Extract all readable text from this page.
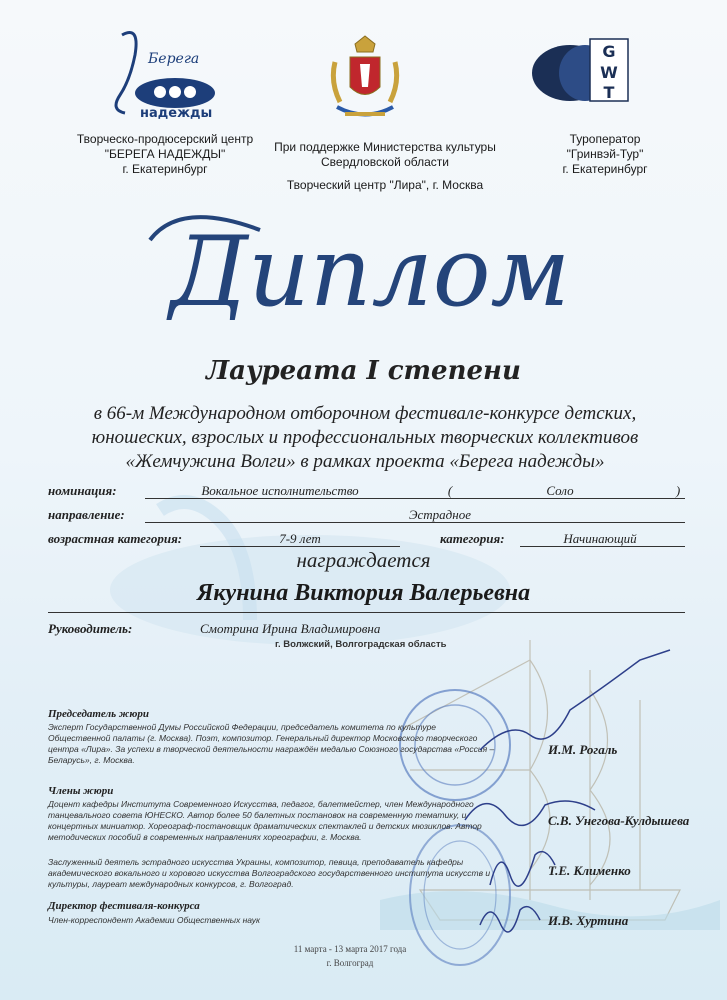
Берега
надежды
G
W
T
Творческо-продюсерский центр
"БЕРЕГА НАДЕЖДЫ"
г. Екатеринбург
При поддержке Министерства культуры
Свердловской области
Творческий центр "Лира", г. Москва
Туроператор
"Гринвэй-Тур"
г. Екатеринбург
Диплом
Лауреата I степени
в 66-м Международном отборочном фестивале-конкурсе детских,
юношеских, взрослых и профессиональных творческих коллективов
«Жемчужина Волги» в рамках проекта «Берега надежды»
номинация:	Вокальное исполнительство	(	Соло	)
направление:	Эстрадное
возрастная категория:	7-9 лет	категория:	Начинающий
награждается
Якунина Виктория Валерьевна
Руководитель:	Смотрина Ирина Владимировна
г. Волжский, Волгоградская область
Председатель жюри
Эксперт Государственной Думы Российской Федерации, председатель комитета по культуре Общественной палаты (г. Москва). Поэт, композитор. Генеральный директор Московского творческого центра «Лира». За успехи в творческой деятельности награждён медалью Союзного государства «Россия – Беларусь», г. Москва.
И.М. Рогаль
Члены жюри
Доцент кафедры Института Современного Искусства, педагог, балетмейстер, член Международного танцевального совета ЮНЕСКО. Автор более 50 балетных постановок на современную тематику, и концертных миниатюр. Хореограф-постановщик драматических спектаклей и детских мюзиклов. Автор методических пособий в современных направлениях хореографии, г. Москва.
С.В. Унегова-Кулдышева
Заслуженный деятель эстрадного искусства Украины, композитор, певица, преподаватель кафедры академического вокального и хорового искусства Волгоградского государственного института искусств и культуры, лауреат международных конкурсов, г. Волгоград.
Т.Е. Клименко
Директор фестиваля-конкурса
Член-корреспондент Академии Общественных наук	И.В. Хуртина
11 марта - 13 марта 2017 года
г. Волгоград
